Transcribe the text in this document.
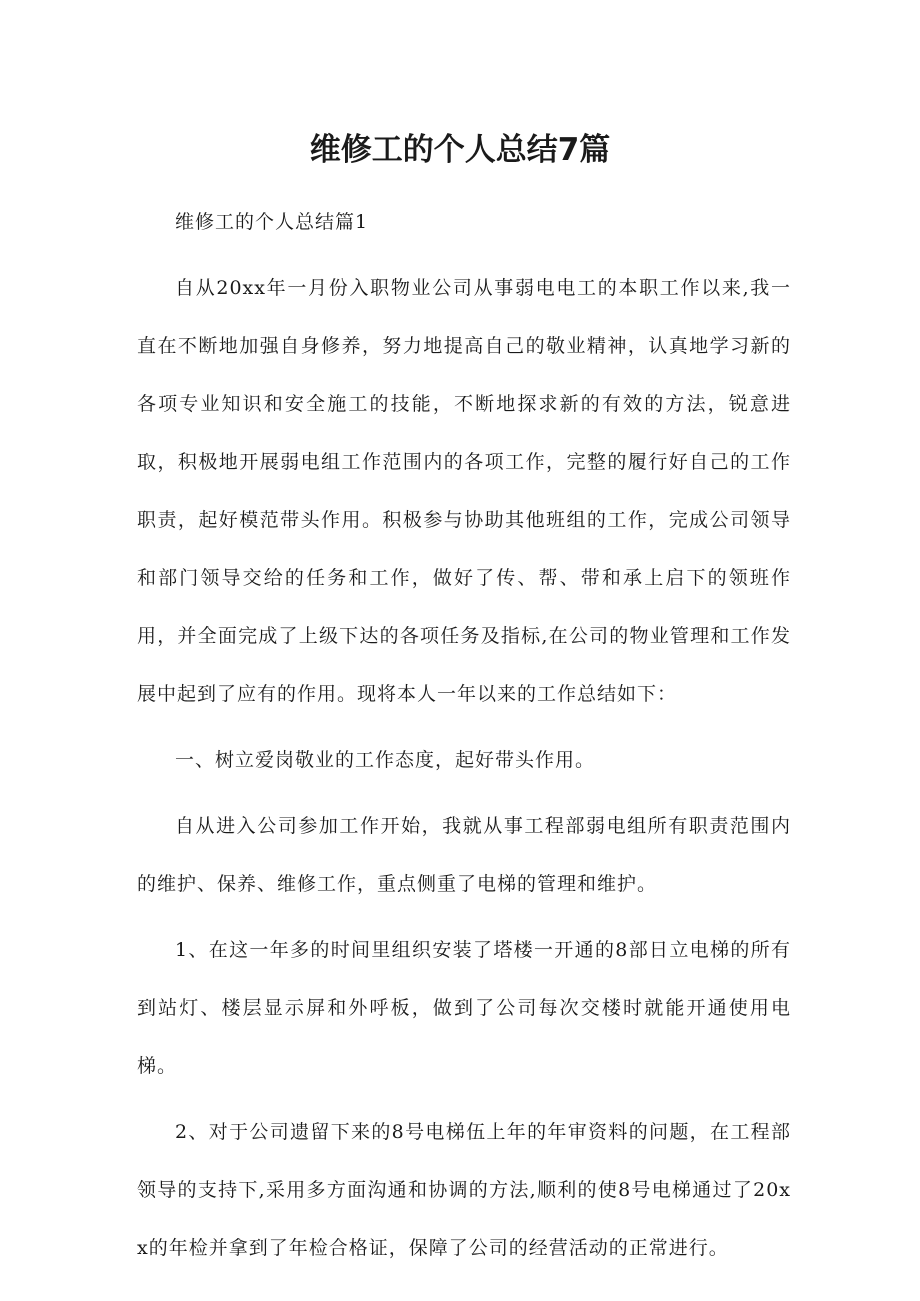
维修工的个人总结7篇

维修工的个人总结篇1

自从20xx年一月份入职物业公司从事弱电电工的本职工作以来,我一直在不断地加强自身修养，努力地提高自己的敬业精神，认真地学习新的各项专业知识和安全施工的技能，不断地探求新的有效的方法，锐意进取，积极地开展弱电组工作范围内的各项工作，完整的履行好自己的工作职责，起好模范带头作用。积极参与协助其他班组的工作，完成公司领导和部门领导交给的任务和工作，做好了传、帮、带和承上启下的领班作用，并全面完成了上级下达的各项任务及指标,在公司的物业管理和工作发展中起到了应有的作用。现将本人一年以来的工作总结如下：

一、树立爱岗敬业的工作态度，起好带头作用。

自从进入公司参加工作开始，我就从事工程部弱电组所有职责范围内的维护、保养、维修工作，重点侧重了电梯的管理和维护。

1、在这一年多的时间里组织安装了塔楼一开通的8部日立电梯的所有到站灯、楼层显示屏和外呼板，做到了公司每次交楼时就能开通使用电梯。

2、对于公司遗留下来的8号电梯伍上年的年审资料的问题，在工程部领导的支持下,采用多方面沟通和协调的方法,顺利的使8号电梯通过了20xx的年检并拿到了年检合格证，保障了公司的经营活动的正常进行。
